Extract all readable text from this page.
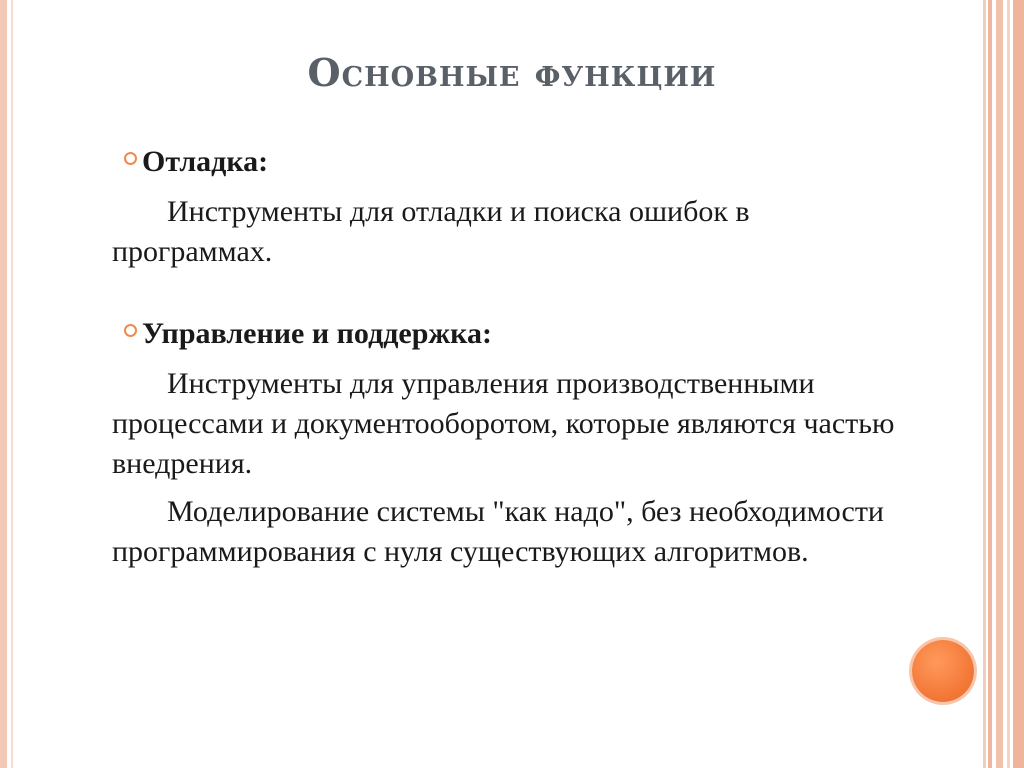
Основные функции

Отладка:

Инструменты для отладки и поиска ошибок в программах.

Управление и поддержка:

Инструменты для управления производственными процессами и документооборотом, которые являются частью внедрения.

Моделирование системы "как надо", без необходимости программирования с нуля существующих алгоритмов.
